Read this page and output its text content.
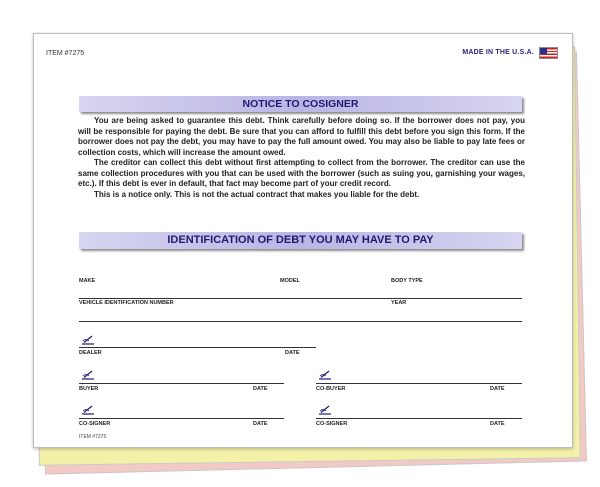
ITEM #7275	MADE IN THE U.S.A.
NOTICE TO COSIGNER

You are being asked to guarantee this debt. Think carefully before doing so. If the borrower does not pay, you will be responsible for paying the debt. Be sure that you can afford to fulfill this debt before you sign this form. If the borrower does not pay the debt, you may have to pay the full amount owed. You may also be liable to pay late fees or collection costs, which will increase the amount owed.

The creditor can collect this debt without first attempting to collect from the borrower. The creditor can use the same collection procedures with you that can be used with the borrower (such as suing you, garnishing your wages, etc.). If this debt is ever in default, that fact may become part of your credit record.

This is a notice only. This is not the actual contract that makes you liable for the debt.

IDENTIFICATION OF DEBT YOU MAY HAVE TO PAY
MAKE	MODEL	BODY TYPE
VEHICLE IDENTIFICATION NUMBER	YEAR
DEALER	DATE
BUYER	DATE	CO-BUYER	DATE
CO-SIGNER	DATE	CO-SIGNER	DATE
ITEM #7275
